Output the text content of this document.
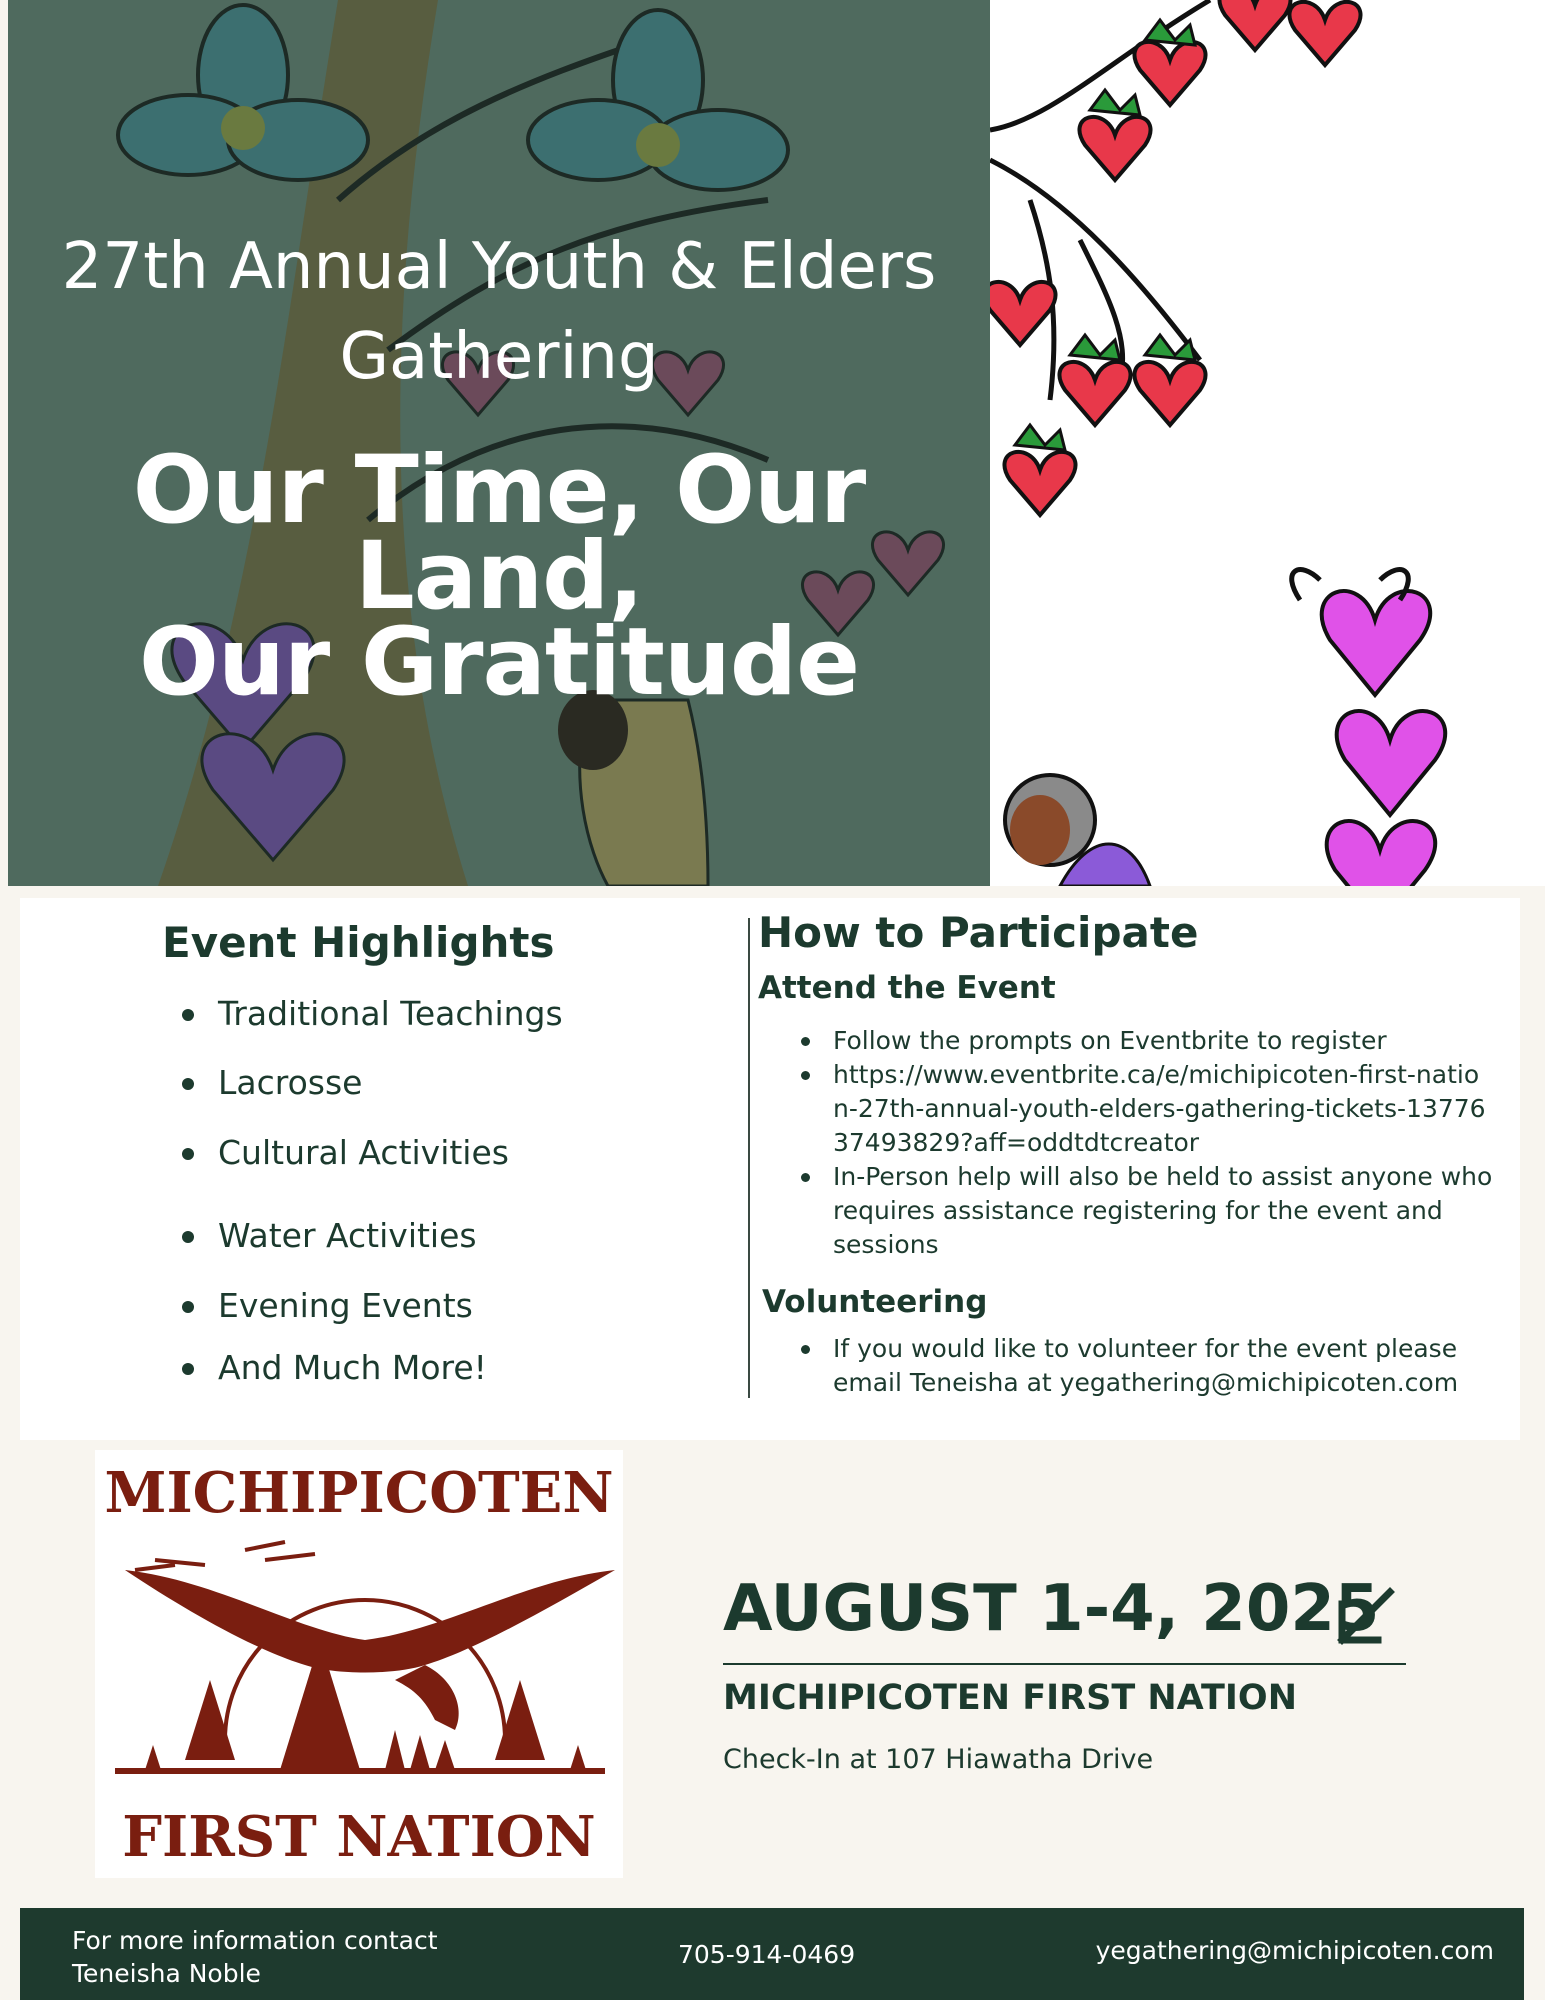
27th Annual Youth & Elders
Gathering
Our Time, Our Land,
Our Gratitude
Event Highlights
Traditional Teachings
Lacrosse
Cultural Activities
Water Activities
Evening Events
And Much More!
How to Participate
Attend the Event
Follow the prompts on Eventbrite to register
https://www.eventbrite.ca/e/michipicoten-first-nation-27th-annual-youth-elders-gathering-tickets-1377637493829?aff=oddtdtcreator
In-Person help will also be held to assist anyone who requires assistance registering for the event and sessions
Volunteering
If you would like to volunteer for the event please email Teneisha at yegathering@michipicoten.com
MICHIPICOTEN
FIRST NATION
AUGUST 1-4, 2025
MICHIPICOTEN FIRST NATION
Check-In at 107 Hiawatha Drive
For more information contact
Teneisha Noble
705-914-0469	yegathering@michipicoten.com
